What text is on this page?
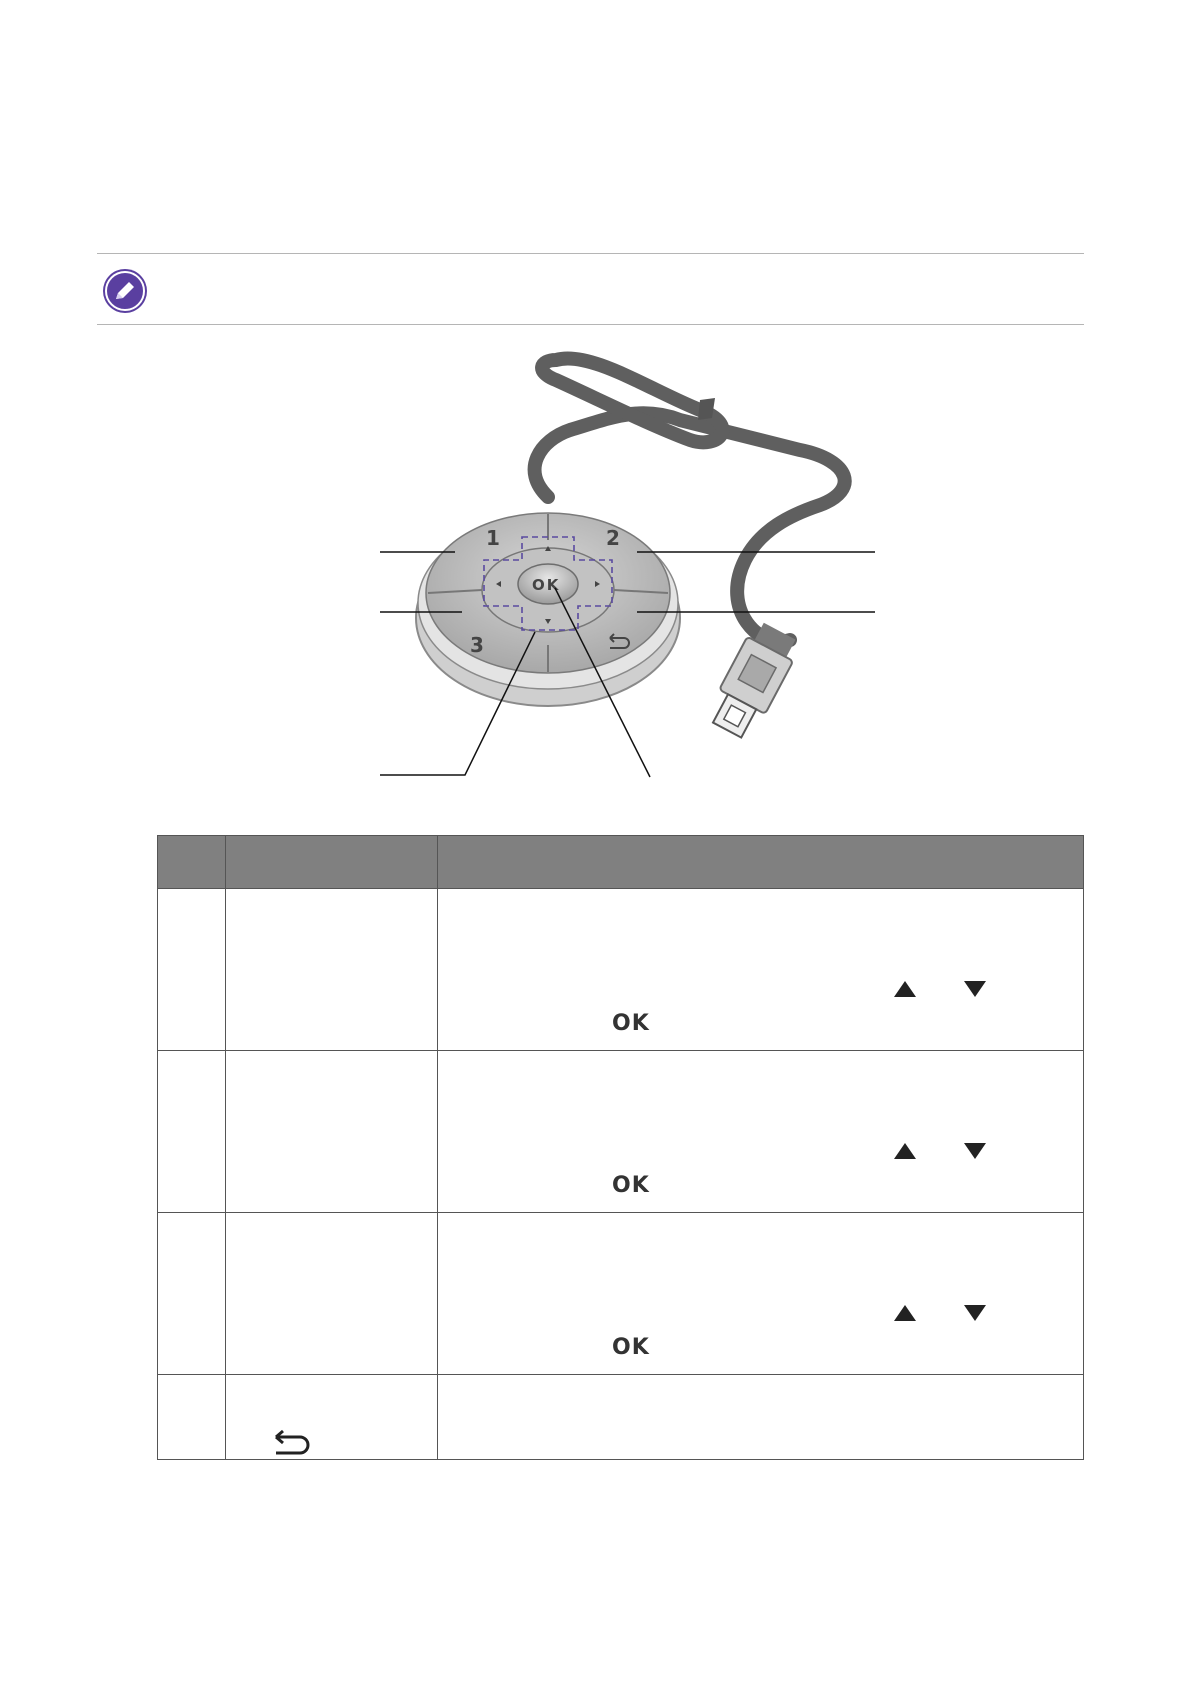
1	2
3
OK

		OK

		OK

		OK
